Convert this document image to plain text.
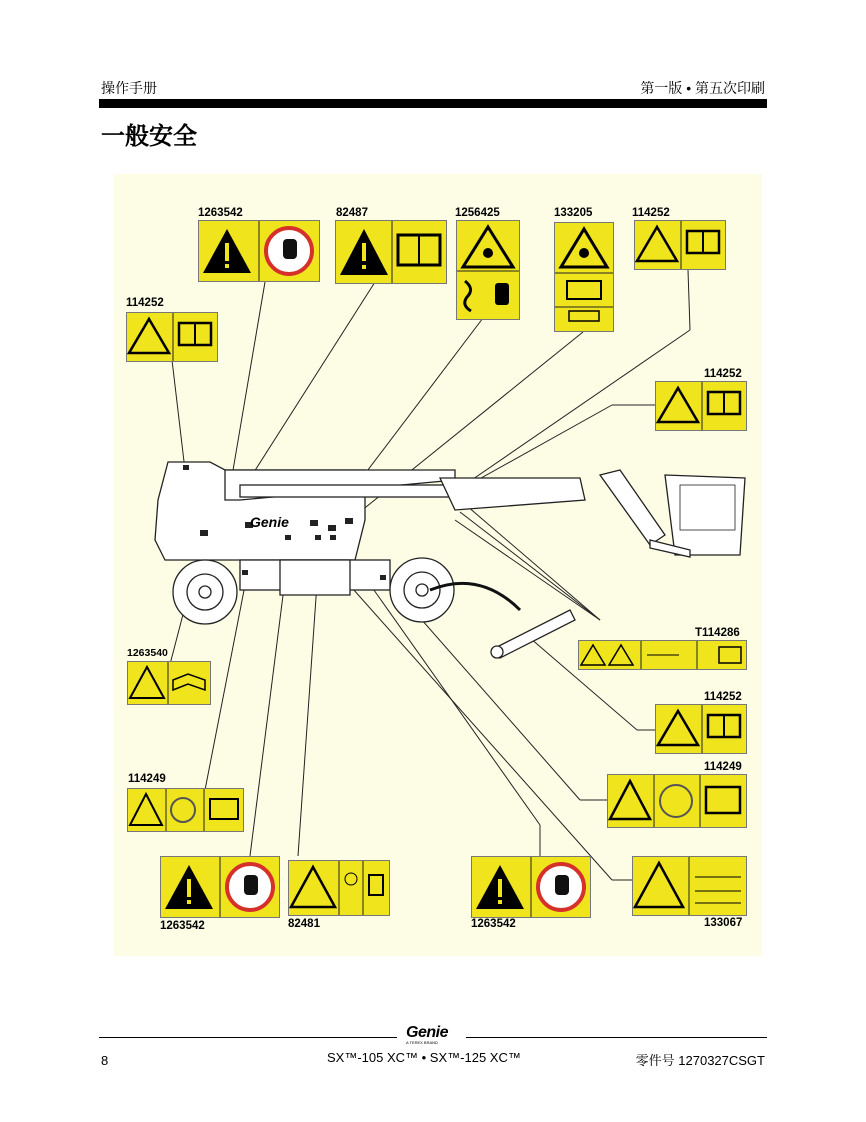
操作手册	第一版 • 第五次印刷
一般安全
Genie
1263542	82487	1256425	133205	114252
114252
114252
T114286
1263540
114252
114249
114249
1263542	82481	1263542	133067
Genie
A TEREX BRAND
8	SX™-105 XC™ • SX™-125 XC™	零件号 1270327CSGT
